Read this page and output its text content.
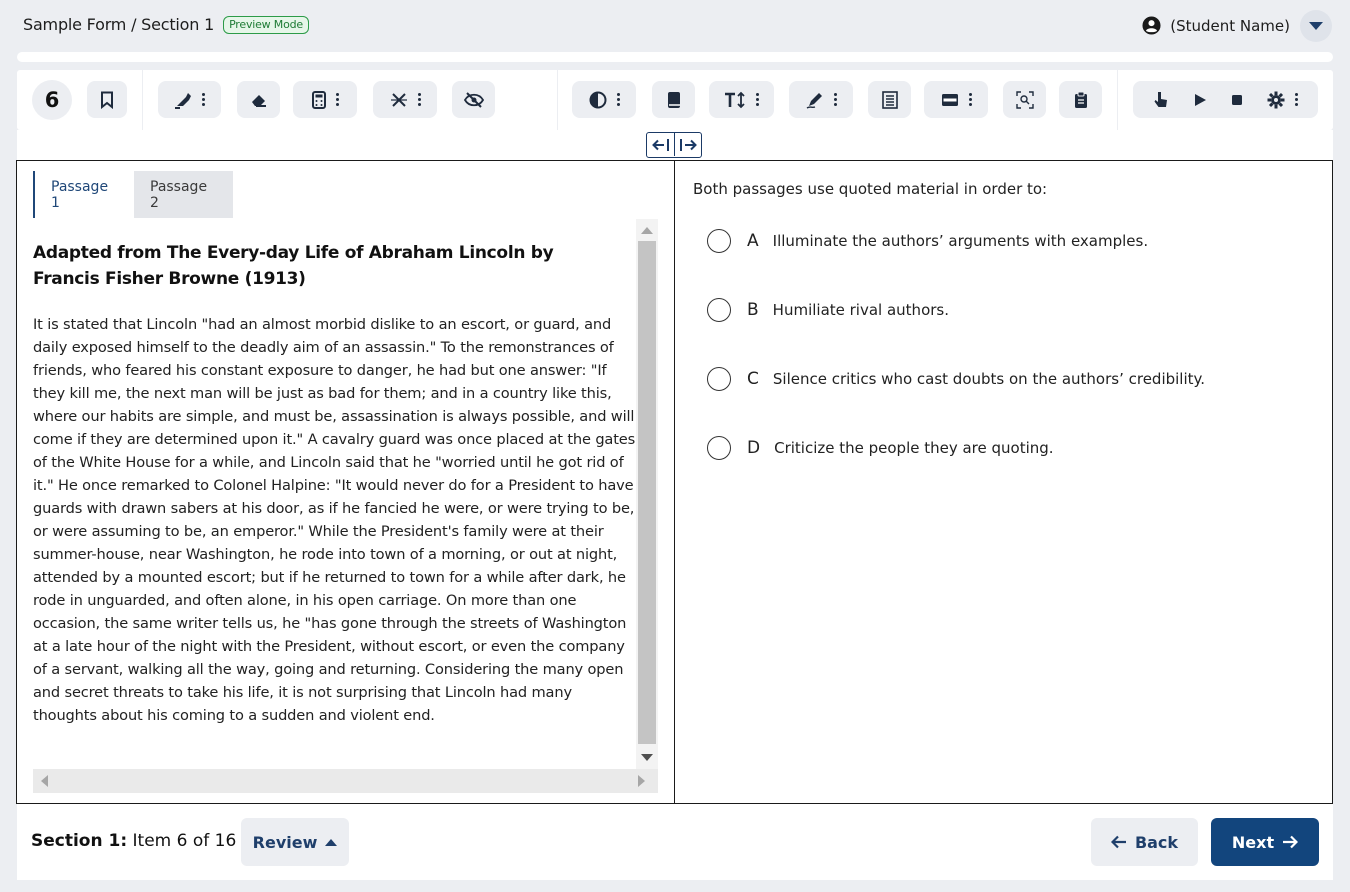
Sample Form / Section 1	Preview Mode	(Student Name)
6
Passage 1
Passage 2
Adapted from The Every-day Life of Abraham Lincoln by Francis Fisher Browne (1913)

It is stated that Lincoln "had an almost morbid dislike to an escort, or guard, and daily exposed himself to the deadly aim of an assassin." To the remonstrances of friends, who feared his constant exposure to danger, he had but one answer: "If they kill me, the next man will be just as bad for them; and in a country like this, where our habits are simple, and must be, assassination is always possible, and will come if they are determined upon it." A cavalry guard was once placed at the gates of the White House for a while, and Lincoln said that he "worried until he got rid of it." He once remarked to Colonel Halpine: "It would never do for a President to have guards with drawn sabers at his door, as if he fancied he were, or were trying to be, or were assuming to be, an emperor." While the President's family were at their summer-house, near Washington, he rode into town of a morning, or out at night, attended by a mounted escort; but if he returned to town for a while after dark, he rode in unguarded, and often alone, in his open carriage. On more than one occasion, the same writer tells us, he "has gone through the streets of Washington at a late hour of the night with the President, without escort, or even the company of a servant, walking all the way, going and returning. Considering the many open and secret threats to take his life, it is not surprising that Lincoln had many thoughts about his coming to a sudden and violent end.

Both passages use quoted material in order to:
A Illuminate the authors’ arguments with examples.
B Humiliate rival authors.
C Silence critics who cast doubts on the authors’ credibility.
D Criticize the people they are quoting.
Section 1: Item 6 of 16 Review	Back	Next
